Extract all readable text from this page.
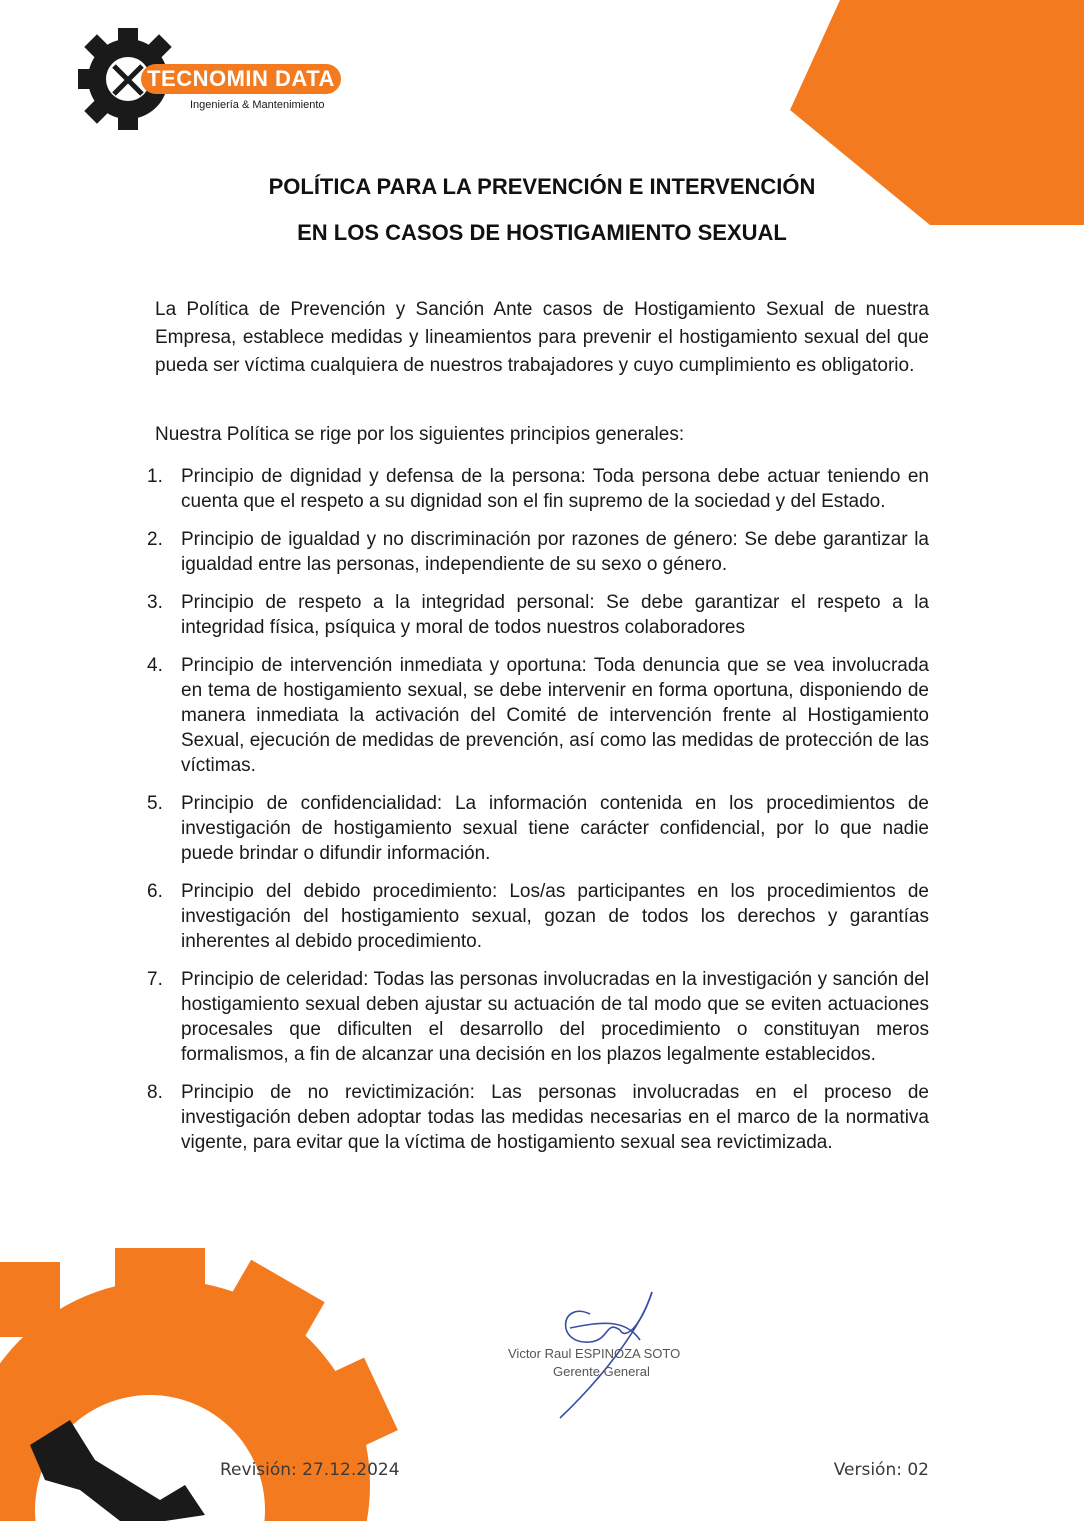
TECNOMIN DATA
Ingeniería & Mantenimiento
POLÍTICA PARA LA PREVENCIÓN E INTERVENCIÓN
EN LOS CASOS DE HOSTIGAMIENTO SEXUAL

La Política de Prevención y Sanción Ante casos de Hostigamiento Sexual de nuestra Empresa, establece medidas y lineamientos para prevenir el hostigamiento sexual del que pueda ser víctima cualquiera de nuestros trabajadores y cuyo cumplimiento es obligatorio.

Nuestra Política se rige por los siguientes principios generales:
1. Principio de dignidad y defensa de la persona: Toda persona debe actuar teniendo en cuenta que el respeto a su dignidad son el fin supremo de la sociedad y del Estado.
2. Principio de igualdad y no discriminación por razones de género: Se debe garantizar la igualdad entre las personas, independiente de su sexo o género.
3. Principio de respeto a la integridad personal: Se debe garantizar el respeto a la integridad física, psíquica y moral de todos nuestros colaboradores
4. Principio de intervención inmediata y oportuna: Toda denuncia que se vea involucrada en tema de hostigamiento sexual, se debe intervenir en forma oportuna, disponiendo de manera inmediata la activación del Comité de intervención frente al Hostigamiento Sexual, ejecución de medidas de prevención, así como las medidas de protección de las víctimas.
5. Principio de confidencialidad: La información contenida en los procedimientos de investigación de hostigamiento sexual tiene carácter confidencial, por lo que nadie puede brindar o difundir información.
6. Principio del debido procedimiento: Los/as participantes en los procedimientos de investigación del hostigamiento sexual, gozan de todos los derechos y garantías inherentes al debido procedimiento.
7. Principio de celeridad: Todas las personas involucradas en la investigación y sanción del hostigamiento sexual deben ajustar su actuación de tal modo que se eviten actuaciones procesales que dificulten el desarrollo del procedimiento o constituyan meros formalismos, a fin de alcanzar una decisión en los plazos legalmente establecidos.
8. Principio de no revictimización: Las personas involucradas en el proceso de investigación deben adoptar todas las medidas necesarias en el marco de la normativa vigente, para evitar que la víctima de hostigamiento sexual sea revictimizada.
Victor Raul ESPINOZA SOTO
Gerente General
Revisión: 27.12.2024	Versión: 02
